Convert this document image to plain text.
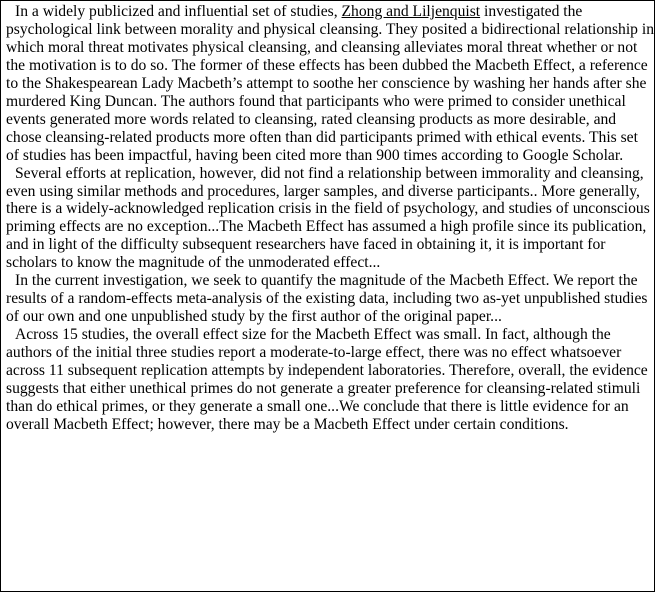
In a widely publicized and influential set of studies, Zhong and Liljenquist investigated the psychological link between morality and physical cleansing. They posited a bidirectional relationship in which moral threat motivates physical cleansing, and cleansing alleviates moral threat whether or not the motivation is to do so. The former of these effects has been dubbed the Macbeth Effect, a reference to the Shakespearean Lady Macbeth’s attempt to soothe her conscience by washing her hands after she murdered King Duncan. The authors found that participants who were primed to consider unethical events generated more words related to cleansing, rated cleansing products as more desirable, and chose cleansing-related products more often than did participants primed with ethical events. This set of studies has been impactful, having been cited more than 900 times according to Google Scholar.

Several efforts at replication, however, did not find a relationship between immorality and cleansing, even using similar methods and procedures, larger samples, and diverse participants.. More generally, there is a widely-acknowledged replication crisis in the field of psychology, and studies of unconscious priming effects are no exception...The Macbeth Effect has assumed a high profile since its publication, and in light of the difficulty subsequent researchers have faced in obtaining it, it is important for scholars to know the magnitude of the unmoderated effect...

In the current investigation, we seek to quantify the magnitude of the Macbeth Effect. We report the results of a random-effects meta-analysis of the existing data, including two as-yet unpublished studies of our own and one unpublished study by the first author of the original paper...

Across 15 studies, the overall effect size for the Macbeth Effect was small. In fact, although the authors of the initial three studies report a moderate-to-large effect, there was no effect whatsoever across 11 subsequent replication attempts by independent laboratories. Therefore, overall, the evidence suggests that either unethical primes do not generate a greater preference for cleansing-related stimuli than do ethical primes, or they generate a small one...We conclude that there is little evidence for an overall Macbeth Effect; however, there may be a Macbeth Effect under certain conditions.
